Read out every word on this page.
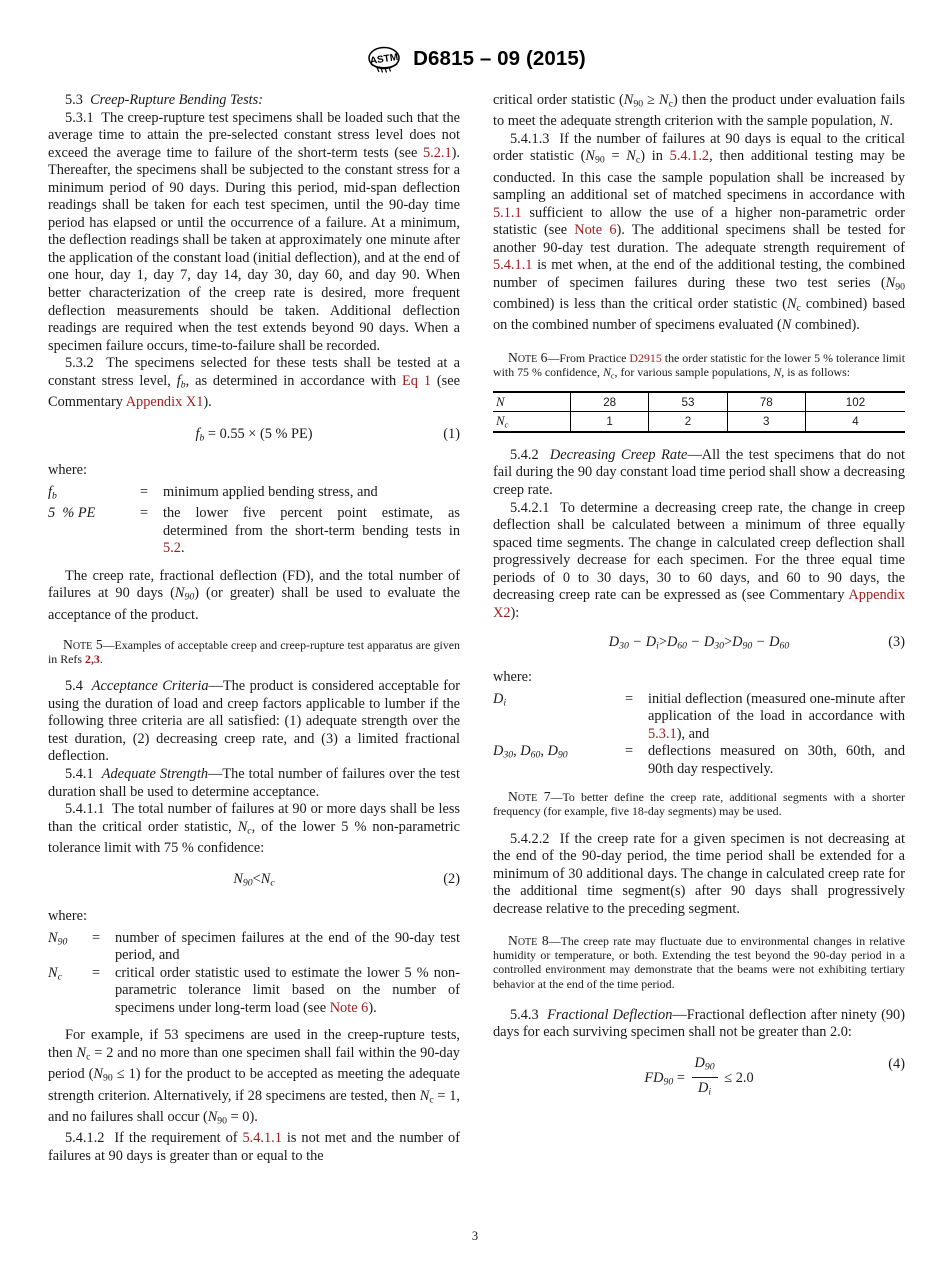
ASTM D6815 – 09 (2015)

5.3 Creep-Rupture Bending Tests:

5.3.1 The creep-rupture test specimens shall be loaded such that the average time to attain the pre-selected constant stress level does not exceed the average time to failure of the short-term tests (see 5.2.1). Thereafter, the specimens shall be subjected to the constant stress for a minimum period of 90 days. During this period, mid-span deflection readings shall be taken for each test specimen, until the 90-day time period has elapsed or until the occurrence of a failure. At a minimum, the deflection readings shall be taken at approximately one minute after the application of the constant load (initial deflection), and at the end of one hour, day 1, day 7, day 14, day 30, day 60, and day 90. When better characterization of the creep rate is desired, more frequent deflection measurements should be taken. Additional deflection readings are required when the test extends beyond 90 days. When a specimen failure occurs, time-to-failure shall be recorded.

5.3.2 The specimens selected for these tests shall be tested at a constant stress level, $f_b$, as determined in accordance with Eq 1 (see Commentary Appendix X1).

$f_b = 0.55 \times (5$ % PE)	(1)
where:
$f_b$	=	minimum applied bending stress, and
5  % PE	=	the lower five percent point estimate, as determined from the short-term bending tests in 5.2.

The creep rate, fractional deflection (FD), and the total number of failures at 90 days $(N_{90})$ (or greater) shall be used to evaluate the acceptance of the product.

Note 5—Examples of acceptable creep and creep-rupture test apparatus are given in Refs 2,3.

5.4 Acceptance Criteria—The product is considered acceptable for using the duration of load and creep factors applicable to lumber if the following three criteria are all satisfied: (1) adequate strength over the test duration, (2) decreasing creep rate, and (3) a limited fractional deflection.

5.4.1 Adequate Strength—The total number of failures over the test duration shall be used to determine acceptance.

5.4.1.1 The total number of failures at 90 or more days shall be less than the critical order statistic, $N_c$, of the lower 5 % non-parametric tolerance limit with 75 % confidence:

$N_{90}<N_c$	(2)
where:
$N_{90}$	=	number of specimen failures at the end of the 90-day test period, and
$N_c$	=	critical order statistic used to estimate the lower 5 % non-parametric tolerance limit based on the number of specimens under long-term load (see Note 6).

For example, if 53 specimens are used in the creep-rupture tests, then $N_c = 2$ and no more than one specimen shall fail within the 90-day period $(N_{90} \le 1)$ for the product to be accepted as meeting the adequate strength criterion. Alternatively, if 28 specimens are tested, then $N_c = 1$, and no failures shall occur $(N_{90} = 0)$.

5.4.1.2 If the requirement of 5.4.1.1 is not met and the number of failures at 90 days is greater than or equal to the

critical order statistic $(N_{90} \ge N_c)$ then the product under evaluation fails to meet the adequate strength criterion with the sample population, N.

5.4.1.3 If the number of failures at 90 days is equal to the critical order statistic $(N_{90} = N_c)$ in 5.4.1.2, then additional testing may be conducted. In this case the sample population shall be increased by sampling an additional set of matched specimens in accordance with 5.1.1 sufficient to allow the use of a higher non-parametric order statistic (see Note 6). The additional specimens shall be tested for another 90-day test duration. The adequate strength requirement of 5.4.1.1 is met when, at the end of the additional testing, the combined number of specimen failures during these two test series ($N_{90}$ combined) is less than the critical order statistic ($N_c$ combined) based on the combined number of specimens evaluated (N combined).

Note 6—From Practice D2915 the order statistic for the lower 5 % tolerance limit with 75 % confidence, $N_c$, for various sample populations, N, is as follows:

N	28	53	78	102
$N_c$	1	2	3	4

5.4.2 Decreasing Creep Rate—All the test specimens that do not fail during the 90 day constant load time period shall show a decreasing creep rate.

5.4.2.1 To determine a decreasing creep rate, the change in creep deflection shall be calculated between a minimum of three equally spaced time segments. The change in calculated creep deflection shall progressively decrease for each specimen. For the three equal time periods of 0 to 30 days, 30 to 60 days, and 60 to 90 days, the decreasing creep rate can be expressed as (see Commentary Appendix X2):

$D_{30} - D_i>D_{60} - D_{30}>D_{90} - D_{60}$	(3)
where:
$D_i$	=	initial deflection (measured one-minute after application of the load in accordance with 5.3.1), and
$D_{30}$, $D_{60}$, $D_{90}$	=	deflections measured on 30th, 60th, and 90th day respectively.

Note 7—To better define the creep rate, additional segments with a shorter frequency (for example, five 18-day segments) may be used.

5.4.2.2 If the creep rate for a given specimen is not decreasing at the end of the 90-day period, the time period shall be extended for a minimum of 30 additional days. The change in calculated creep rate for the additional time segment(s) after 90 days shall progressively decrease relative to the preceding segment.

Note 8—The creep rate may fluctuate due to environmental changes in relative humidity or temperature, or both. Extending the test beyond the 90-day period in a controlled environment may demonstrate that the beams were not exhibiting tertiary behavior at the end of the time period.

5.4.3 Fractional Deflection—Fractional deflection after ninety (90) days for each surviving specimen shall not be greater than 2.0:

$FD_{90} = \frac{D_{90}}{D_i} \le 2.0$
(4)
3
